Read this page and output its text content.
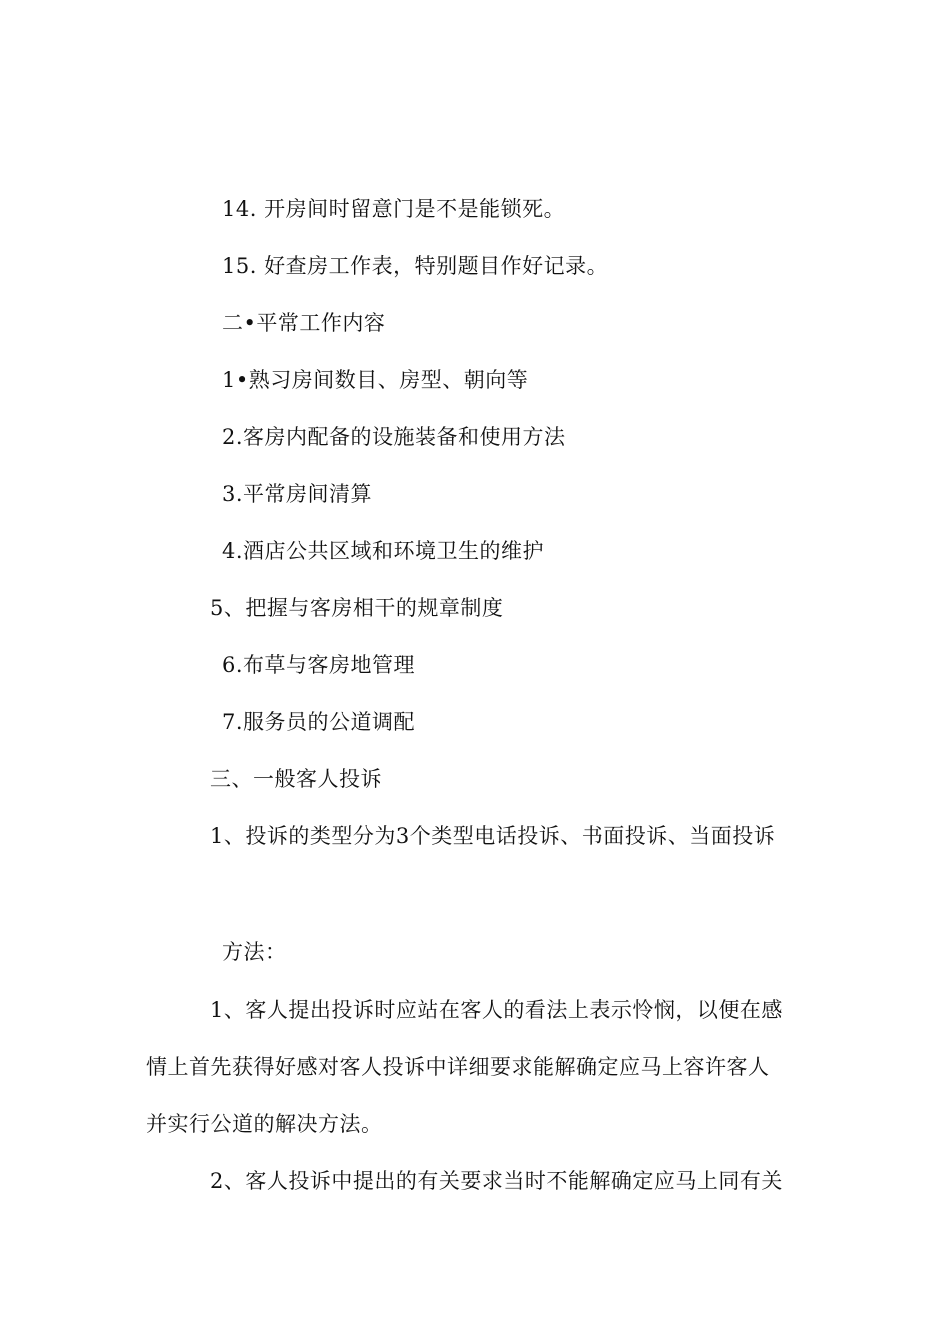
14. 开房间时留意门是不是能锁死。
15. 好查房工作表，特别题目作好记录。
二•平常工作内容
1•熟习房间数目、房型、朝向等
2.客房内配备的设施装备和使用方法
3.平常房间清算
4.酒店公共区域和环境卫生的维护
5、把握与客房相干的规章制度
6.布草与客房地管理
7.服务员的公道调配
三、一般客人投诉
1、投诉的类型分为3个类型电话投诉、书面投诉、当面投诉
方法：
1、客人提出投诉时应站在客人的看法上表示怜悯，以便在感
情上首先获得好感对客人投诉中详细要求能解确定应马上容许客人
并实行公道的解决方法。
2、客人投诉中提出的有关要求当时不能解确定应马上同有关
